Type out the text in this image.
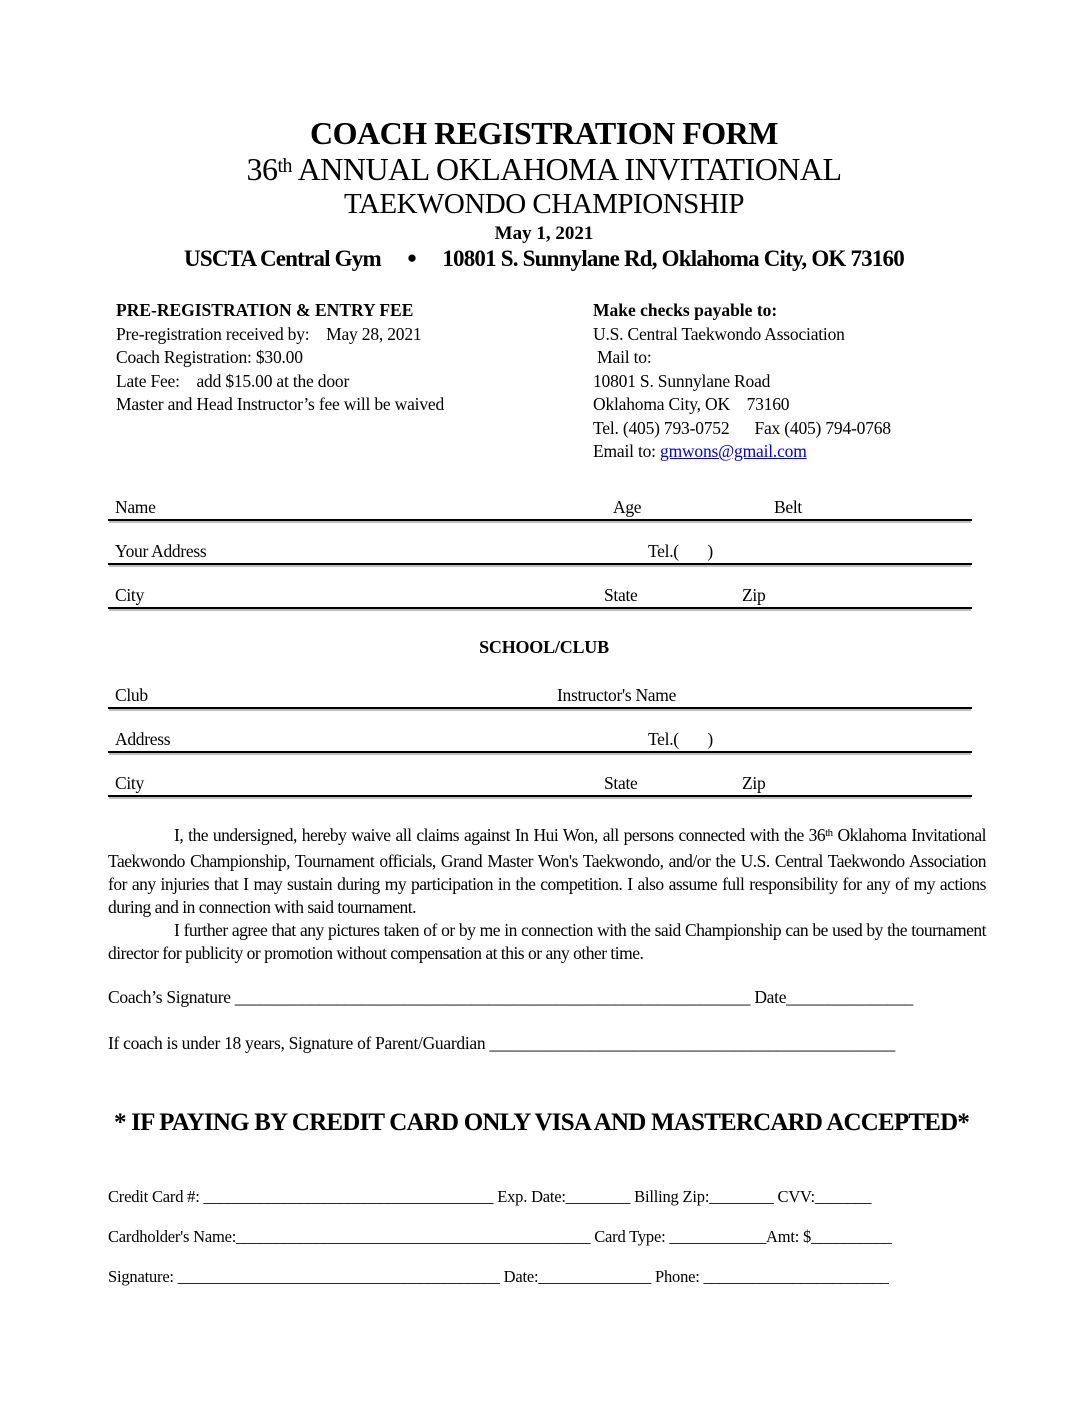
COACH REGISTRATION FORM
36th ANNUAL OKLAHOMA INVITATIONAL
TAEKWONDO CHAMPIONSHIP
May 1, 2021
USCTA Central Gym ● 10801 S. Sunnylane Rd, Oklahoma City, OK 73160
PRE-REGISTRATION & ENTRY FEE
Pre-registration received by:    May 28, 2021
Coach Registration: $30.00
Late Fee:    add $15.00 at the door
Master and Head Instructor’s fee will be waived
Make checks payable to:
U.S. Central Taekwondo Association
Mail to:
10801 S. Sunnylane Road
Oklahoma City, OK    73160
Tel. (405) 793-0752      Fax (405) 794-0768
Email to: gmwons@gmail.com
Name	Age	Belt
Your Address	Tel.(       )
City	State	Zip
SCHOOL/CLUB
Club	Instructor's Name
Address	Tel.(       )
City	State	Zip

I, the undersigned, hereby waive all claims against In Hui Won, all persons connected with the 36th Oklahoma Invitational Taekwondo Championship, Tournament officials, Grand Master Won's Taekwondo, and/or the U.S. Central Taekwondo Association for any injuries that I may sustain during my participation in the competition. I also assume full responsibility for any of my actions during and in connection with said tournament.

I further agree that any pictures taken of or by me in connection with the said Championship can be used by the tournament director for publicity or promotion without compensation at this or any other time.

Coach’s Signature _____________________________________________________________ Date_______________
If coach is under 18 years, Signature of Parent/Guardian ________________________________________________
* IF PAYING BY CREDIT CARD ONLY VISA AND MASTERCARD ACCEPTED*
Credit Card #: ____________________________________ Exp. Date:________ Billing Zip:________ CVV:_______
Cardholder's Name:____________________________________________ Card Type: ____________Amt: $__________
Signature: ________________________________________ Date:______________ Phone: _______________________
